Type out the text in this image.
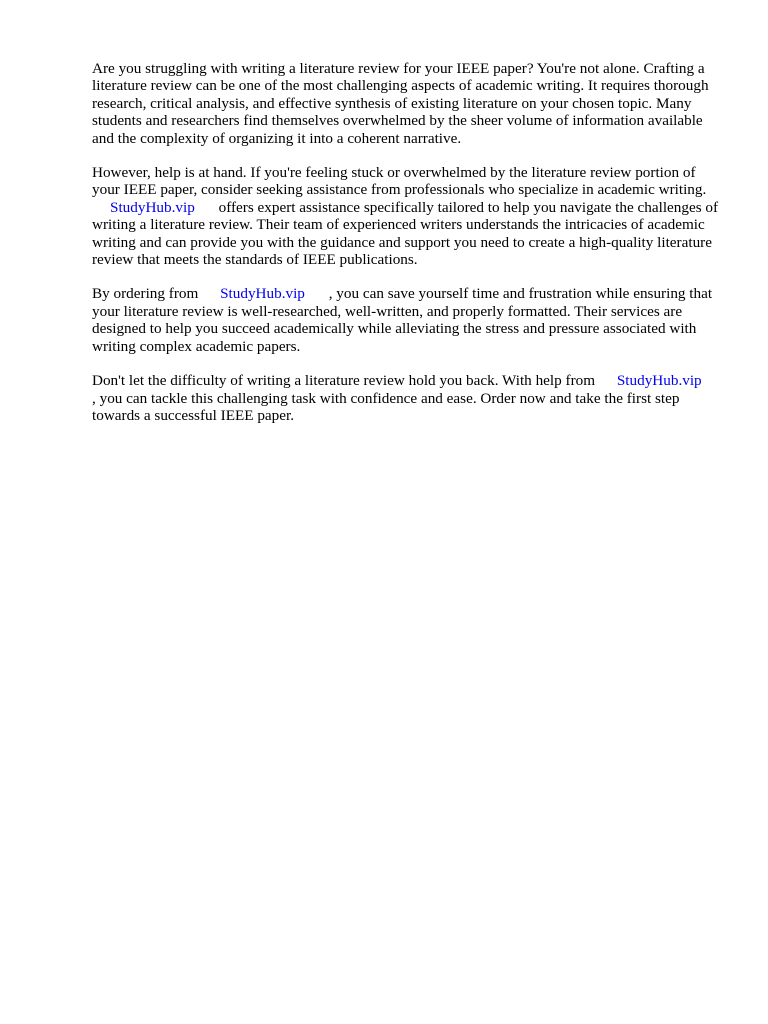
Are you struggling with writing a literature review for your IEEE paper? You're not alone. Crafting a literature review can be one of the most challenging aspects of academic writing. It requires thorough research, critical analysis, and effective synthesis of existing literature on your chosen topic. Many students and researchers find themselves overwhelmed by the sheer volume of information available and the complexity of organizing it into a coherent narrative.

However, help is at hand. If you're feeling stuck or overwhelmed by the literature review portion of your IEEE paper, consider seeking assistance from professionals who specialize in academic writing. StudyHub.vip offers expert assistance specifically tailored to help you navigate the challenges of writing a literature review. Their team of experienced writers understands the intricacies of academic writing and can provide you with the guidance and support you need to create a high-quality literature review that meets the standards of IEEE publications.

By ordering from StudyHub.vip , you can save yourself time and frustration while ensuring that your literature review is well-researched, well-written, and properly formatted. Their services are designed to help you succeed academically while alleviating the stress and pressure associated with writing complex academic papers.

Don't let the difficulty of writing a literature review hold you back. With help from StudyHub.vip , you can tackle this challenging task with confidence and ease. Order now and take the first step towards a successful IEEE paper.
